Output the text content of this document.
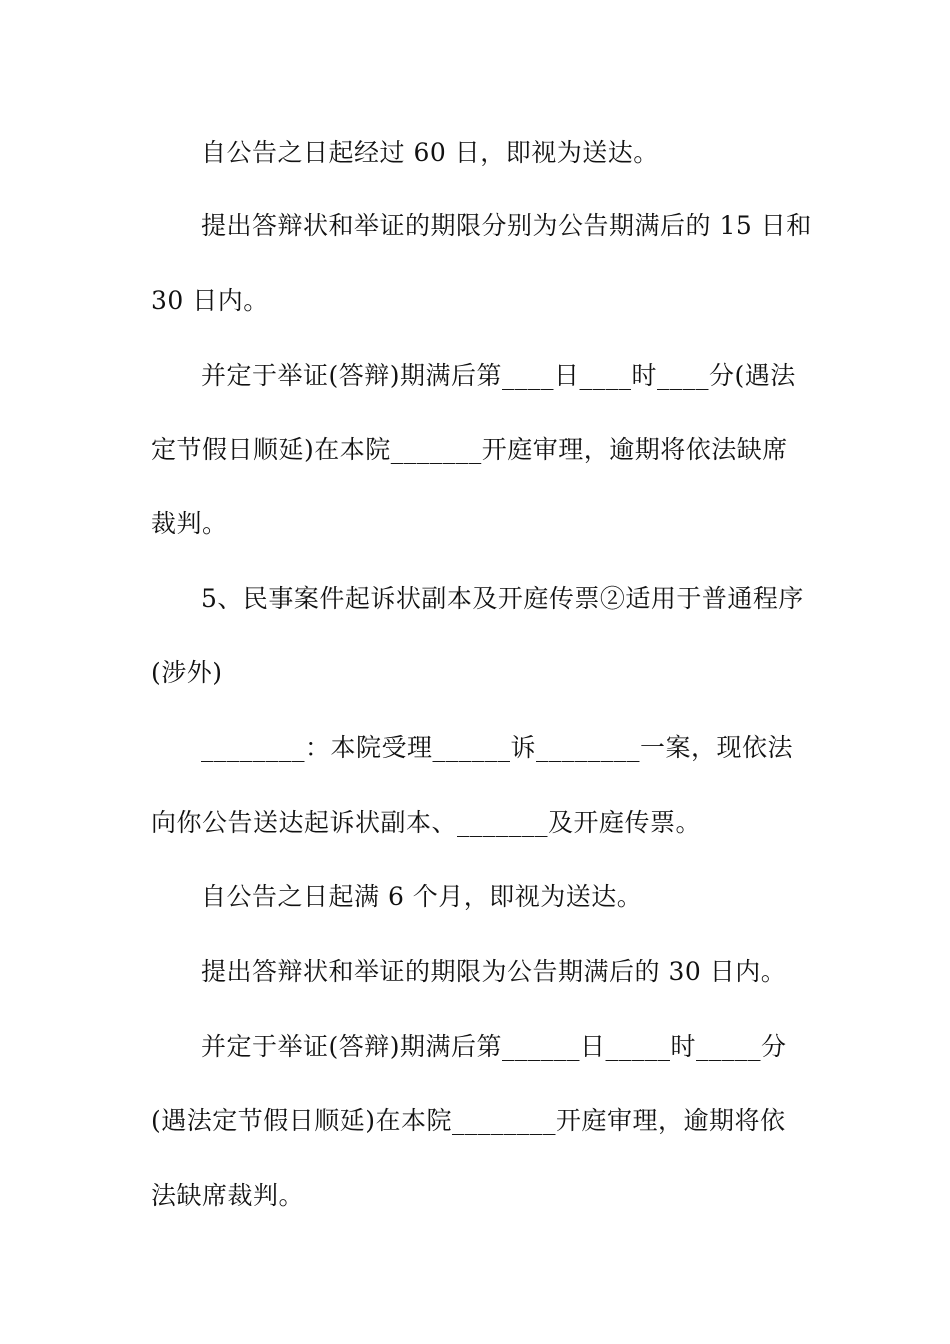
自公告之日起经过 60 日，即视为送达。
提出答辩状和举证的期限分别为公告期满后的 15 日和
30 日内。
并定于举证(答辩)期满后第____日____时____分(遇法
定节假日顺延)在本院_______开庭审理，逾期将依法缺席
裁判。
5、民事案件起诉状副本及开庭传票②适用于普通程序
(涉外)
________：本院受理______诉________一案，现依法
向你公告送达起诉状副本、_______及开庭传票。
自公告之日起满 6 个月，即视为送达。
提出答辩状和举证的期限为公告期满后的 30 日内。
并定于举证(答辩)期满后第______日_____时_____分
(遇法定节假日顺延)在本院________开庭审理，逾期将依
法缺席裁判。
